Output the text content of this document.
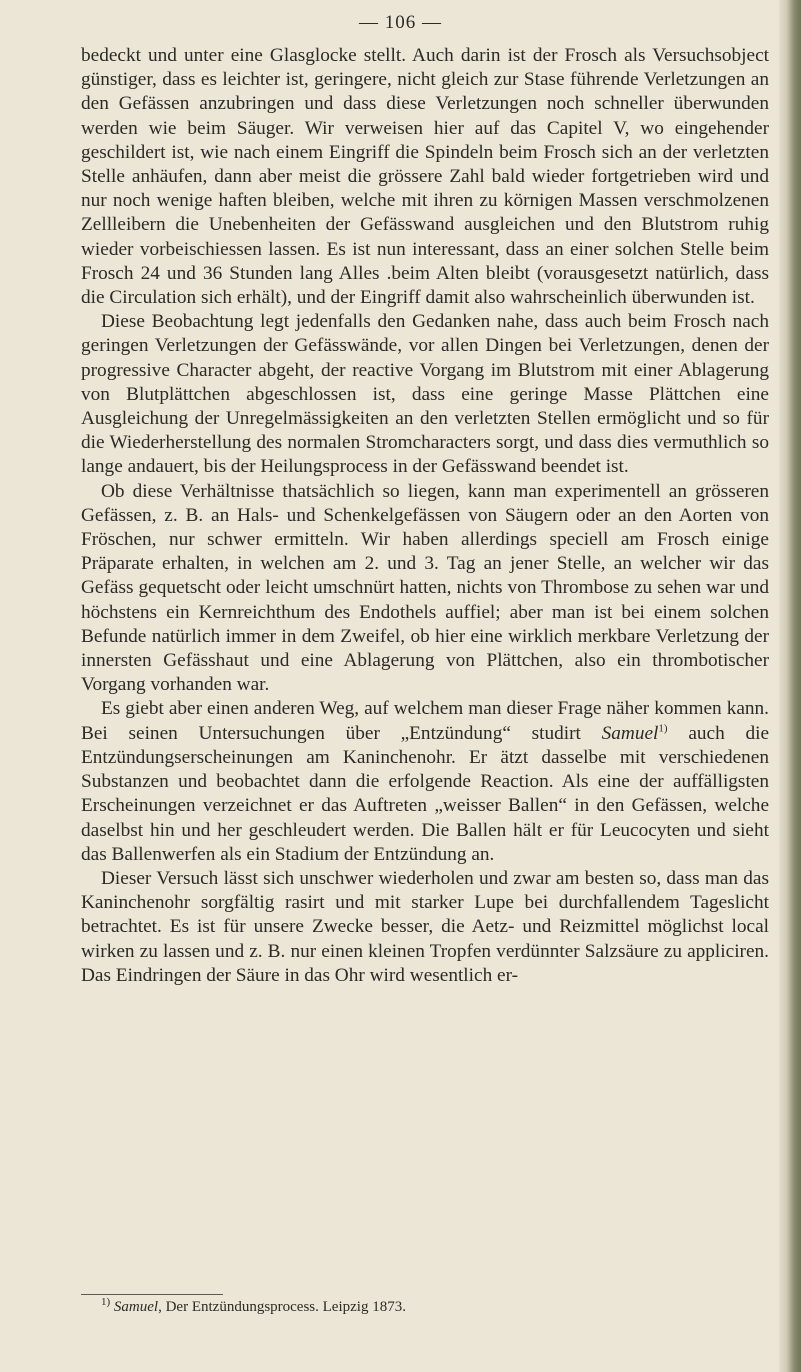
— 106 —

bedeckt und unter eine Glasglocke stellt. Auch darin ist der Frosch als Versuchsobject günstiger, dass es leichter ist, geringere, nicht gleich zur Stase führende Verletzungen an den Gefässen anzubringen und dass diese Verletzungen noch schneller überwunden werden wie beim Säuger. Wir verweisen hier auf das Capitel V, wo eingehender geschildert ist, wie nach einem Eingriff die Spindeln beim Frosch sich an der verletzten Stelle anhäufen, dann aber meist die grössere Zahl bald wieder fortgetrieben wird und nur noch wenige haften bleiben, welche mit ihren zu körnigen Massen verschmolzenen Zellleibern die Unebenheiten der Gefässwand ausgleichen und den Blutstrom ruhig wieder vorbeischiessen lassen. Es ist nun interessant, dass an einer solchen Stelle beim Frosch 24 und 36 Stunden lang Alles .beim Alten bleibt (vorausgesetzt natürlich, dass die Circulation sich erhält), und der Eingriff damit also wahrscheinlich überwunden ist.

Diese Beobachtung legt jedenfalls den Gedanken nahe, dass auch beim Frosch nach geringen Verletzungen der Gefässwände, vor allen Dingen bei Verletzungen, denen der progressive Character abgeht, der reactive Vorgang im Blutstrom mit einer Ablagerung von Blutplättchen abgeschlossen ist, dass eine geringe Masse Plättchen eine Ausgleichung der Unregelmässigkeiten an den verletzten Stellen ermöglicht und so für die Wiederherstellung des normalen Stromcharacters sorgt, und dass dies vermuthlich so lange andauert, bis der Heilungsprocess in der Gefässwand beendet ist.

Ob diese Verhältnisse thatsächlich so liegen, kann man experimentell an grösseren Gefässen, z. B. an Hals- und Schenkelgefässen von Säugern oder an den Aorten von Fröschen, nur schwer ermitteln. Wir haben allerdings speciell am Frosch einige Präparate erhalten, in welchen am 2. und 3. Tag an jener Stelle, an welcher wir das Gefäss gequetscht oder leicht umschnürt hatten, nichts von Thrombose zu sehen war und höchstens ein Kernreichthum des Endothels auffiel; aber man ist bei einem solchen Befunde natürlich immer in dem Zweifel, ob hier eine wirklich merkbare Verletzung der innersten Gefässhaut und eine Ablagerung von Plättchen, also ein thrombotischer Vorgang vorhanden war.

Es giebt aber einen anderen Weg, auf welchem man dieser Frage näher kommen kann. Bei seinen Untersuchungen über „Entzündung“ studirt Samuel$^{1)}$ auch die Entzündungserscheinungen am Kaninchenohr. Er ätzt dasselbe mit verschiedenen Substanzen und beobachtet dann die erfolgende Reaction. Als eine der auffälligsten Erscheinungen verzeichnet er das Auftreten „weisser Ballen“ in den Gefässen, welche daselbst hin und her geschleudert werden. Die Ballen hält er für Leucocyten und sieht das Ballenwerfen als ein Stadium der Entzündung an.

Dieser Versuch lässt sich unschwer wiederholen und zwar am besten so, dass man das Kaninchenohr sorgfältig rasirt und mit starker Lupe bei durchfallendem Tageslicht betrachtet. Es ist für unsere Zwecke besser, die Aetz- und Reizmittel möglichst local wirken zu lassen und z. B. nur einen kleinen Tropfen verdünnter Salzsäure zu appliciren. Das Eindringen der Säure in das Ohr wird wesentlich er-

$^{1)}$ Samuel, Der Entzündungsprocess. Leipzig 1873.
